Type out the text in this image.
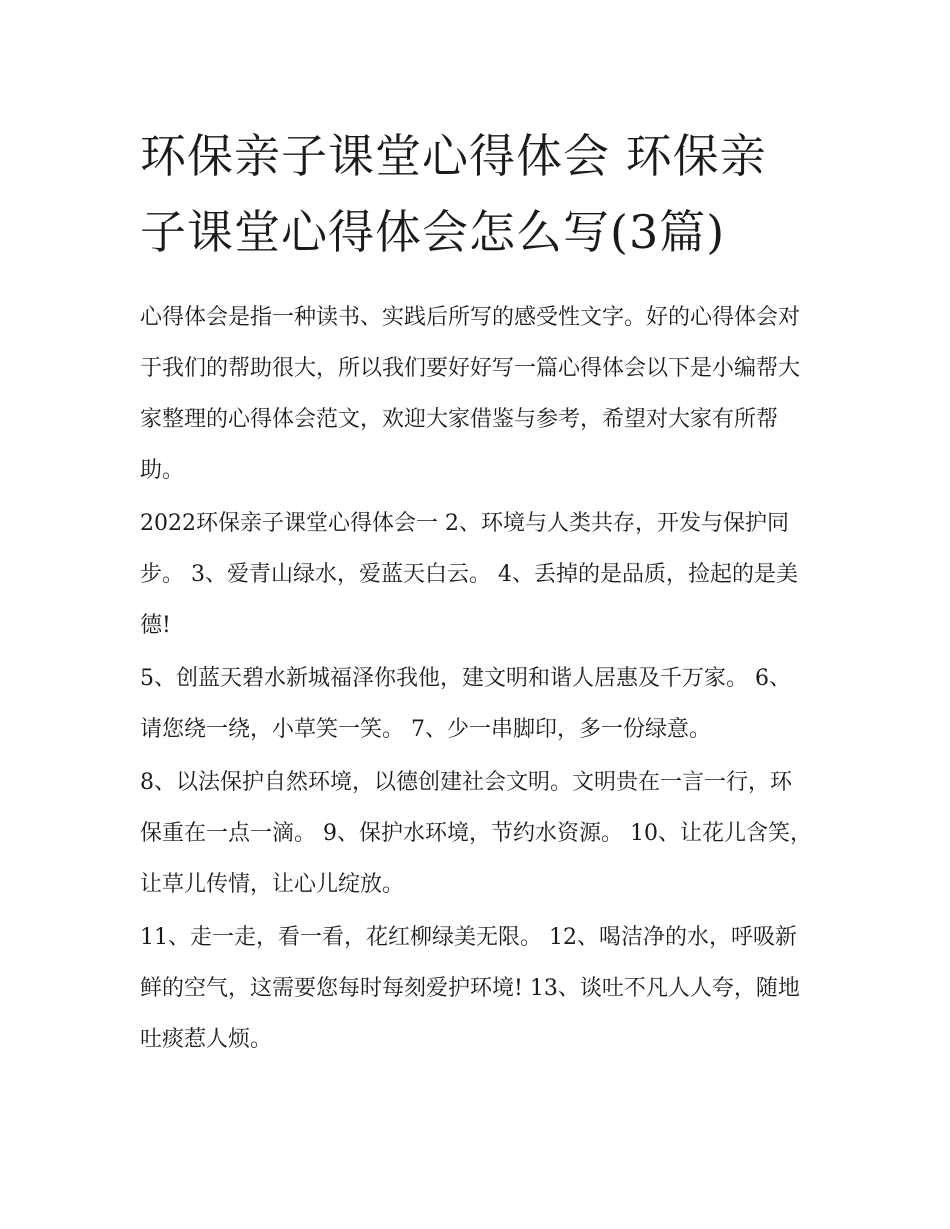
环保亲子课堂心得体会 环保亲子课堂心得体会怎么写(3篇)

心得体会是指一种读书、实践后所写的感受性文字。好的心得体会对于我们的帮助很大，所以我们要好好写一篇心得体会以下是小编帮大家整理的心得体会范文，欢迎大家借鉴与参考，希望对大家有所帮助。

2022环保亲子课堂心得体会一 2、环境与人类共存，开发与保护同步。 3、爱青山绿水，爱蓝天白云。 4、丢掉的是品质，捡起的是美德!

5、创蓝天碧水新城福泽你我他，建文明和谐人居惠及千万家。 6、请您绕一绕，小草笑一笑。 7、少一串脚印，多一份绿意。

8、以法保护自然环境，以德创建社会文明。文明贵在一言一行，环保重在一点一滴。 9、保护水环境，节约水资源。 10、让花儿含笑，让草儿传情，让心儿绽放。

11、走一走，看一看，花红柳绿美无限。 12、喝洁净的水，呼吸新鲜的空气，这需要您每时每刻爱护环境! 13、谈吐不凡人人夸，随地吐痰惹人烦。
